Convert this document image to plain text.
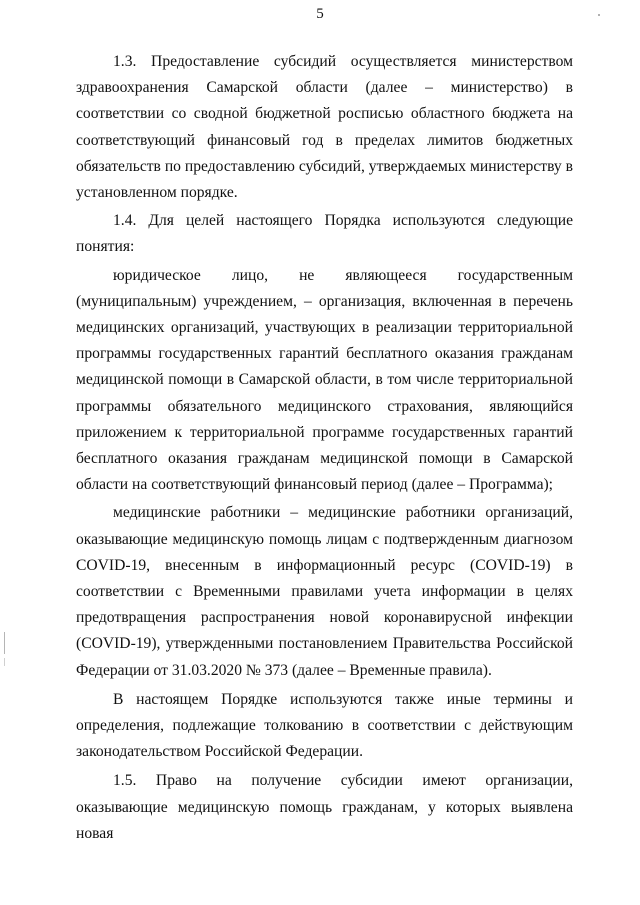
5

1.3. Предоставление субсидий осуществляется министерством здравоохранения Самарской области (далее – министерство) в соответствии со сводной бюджетной росписью областного бюджета на соответствующий финансовый год в пределах лимитов бюджетных обязательств по предоставлению субсидий, утверждаемых министерству в установленном порядке.

1.4. Для целей настоящего Порядка используются следующие понятия:

юридическое лицо, не являющееся государственным (муниципальным) учреждением, – организация, включенная в перечень медицинских организаций, участвующих в реализации территориальной программы государственных гарантий бесплатного оказания гражданам медицинской помощи в Самарской области, в том числе территориальной программы обязательного медицинского страхования, являющийся приложением к территориальной программе государственных гарантий бесплатного оказания гражданам медицинской помощи в Самарской области на соответствующий финансовый период (далее – Программа);

медицинские работники – медицинские работники организаций, оказывающие медицинскую помощь лицам с подтвержденным диагнозом COVID-19, внесенным в информационный ресурс (COVID-19) в соответствии с Временными правилами учета информации в целях предотвращения распространения новой коронавирусной инфекции (COVID-19), утвержденными постановлением Правительства Российской Федерации от 31.03.2020 № 373 (далее – Временные правила).

В настоящем Порядке используются также иные термины и определения, подлежащие толкованию в соответствии с действующим законодательством Российской Федерации.

1.5. Право на получение субсидии имеют организации, оказывающие медицинскую помощь гражданам, у которых выявлена новая
